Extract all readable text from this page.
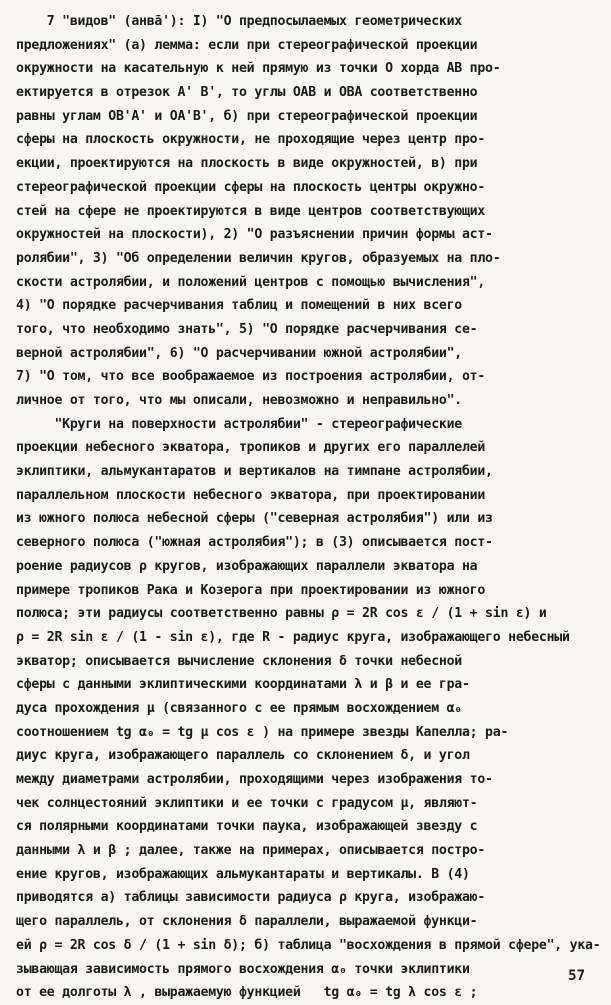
7 "видов" (анвā'): I) "О предпосылаемых геометрических
предложениях" (а) лемма: если при стереографической проекции
окружности на касательную к ней прямую из точки О хорда АВ про-
ектируется в отрезок А' В', то углы ОАВ и ОВА соответственно
равны углам ОВ'А' и ОА'В', б) при стереографической проекции
сферы на плоскость окружности, не проходящие через центр про-
екции, проектируются на плоскость в виде окружностей, в) при
стереографической проекции сферы на плоскость центры окружно-
стей на сфере не проектируются в виде центров соответствующих
окружностей на плоскости), 2) "О разъяснении причин формы аст-
ролябии", 3) "Об определении величин кругов, образуемых на пло-
скости астролябии, и положений центров с помощью вычисления",
4) "О порядке расчерчивания таблиц и помещений в них всего
того, что необходимо знать", 5) "О порядке расчерчивания се-
верной астролябии", 6) "О расчерчивании южной астролябии",
7) "О том, что все воображаемое из построения астролябии, от-
личное от того, что мы описали, невозможно и неправильно".
"Круги на поверхности астролябии" - стереографические
проекции небесного экватора, тропиков и других его параллелей
эклиптики, альмукантаратов и вертикалов на тимпане астролябии,
параллельном плоскости небесного экватора, при проектировании
из южного полюса небесной сферы ("северная астролябия") или из
северного полюса ("южная астролябия"); в (3) описывается пост-
роение радиусов ρ кругов, изображающих параллели экватора на
примере тропиков Рака и Козерога при проектировании из южного
полюса; эти радиусы соответственно равны ρ = 2R cos ε / (1 + sin ε) и
ρ = 2R sin ε / (1 - sin ε), где R - радиус круга, изображающего небесный
экватор; описывается вычисление склонения δ точки небесной
сферы с данными эклиптическими координатами λ и β и ее гра-
дуса прохождения μ (связанного с ее прямым восхождением α₀
соотношением tg α₀ = tg μ cos ε ) на примере звезды Капелла; ра-
диус круга, изображающего параллель со склонением δ, и угол
между диаметрами астролябии, проходящими через изображения то-
чек солнцестояний эклиптики и ее точки с градусом μ, являют-
ся полярными координатами точки паука, изображающей звезду с
данными λ и β ; далее, также на примерах, описывается постро-
ение кругов, изображающих альмукантараты и вертикалы. В (4)
приводятся а) таблицы зависимости радиуса ρ круга, изображаю-
щего параллель, от склонения δ параллели, выражаемой функци-
ей ρ = 2R cos δ / (1 + sin δ); б) таблица "восхождения в прямой сфере", ука-
зывающая зависимость прямого восхождения α₀ точки эклиптики
от ее долготы λ , выражаемую функцией   tg α₀ = tg λ cos ε ;
57
